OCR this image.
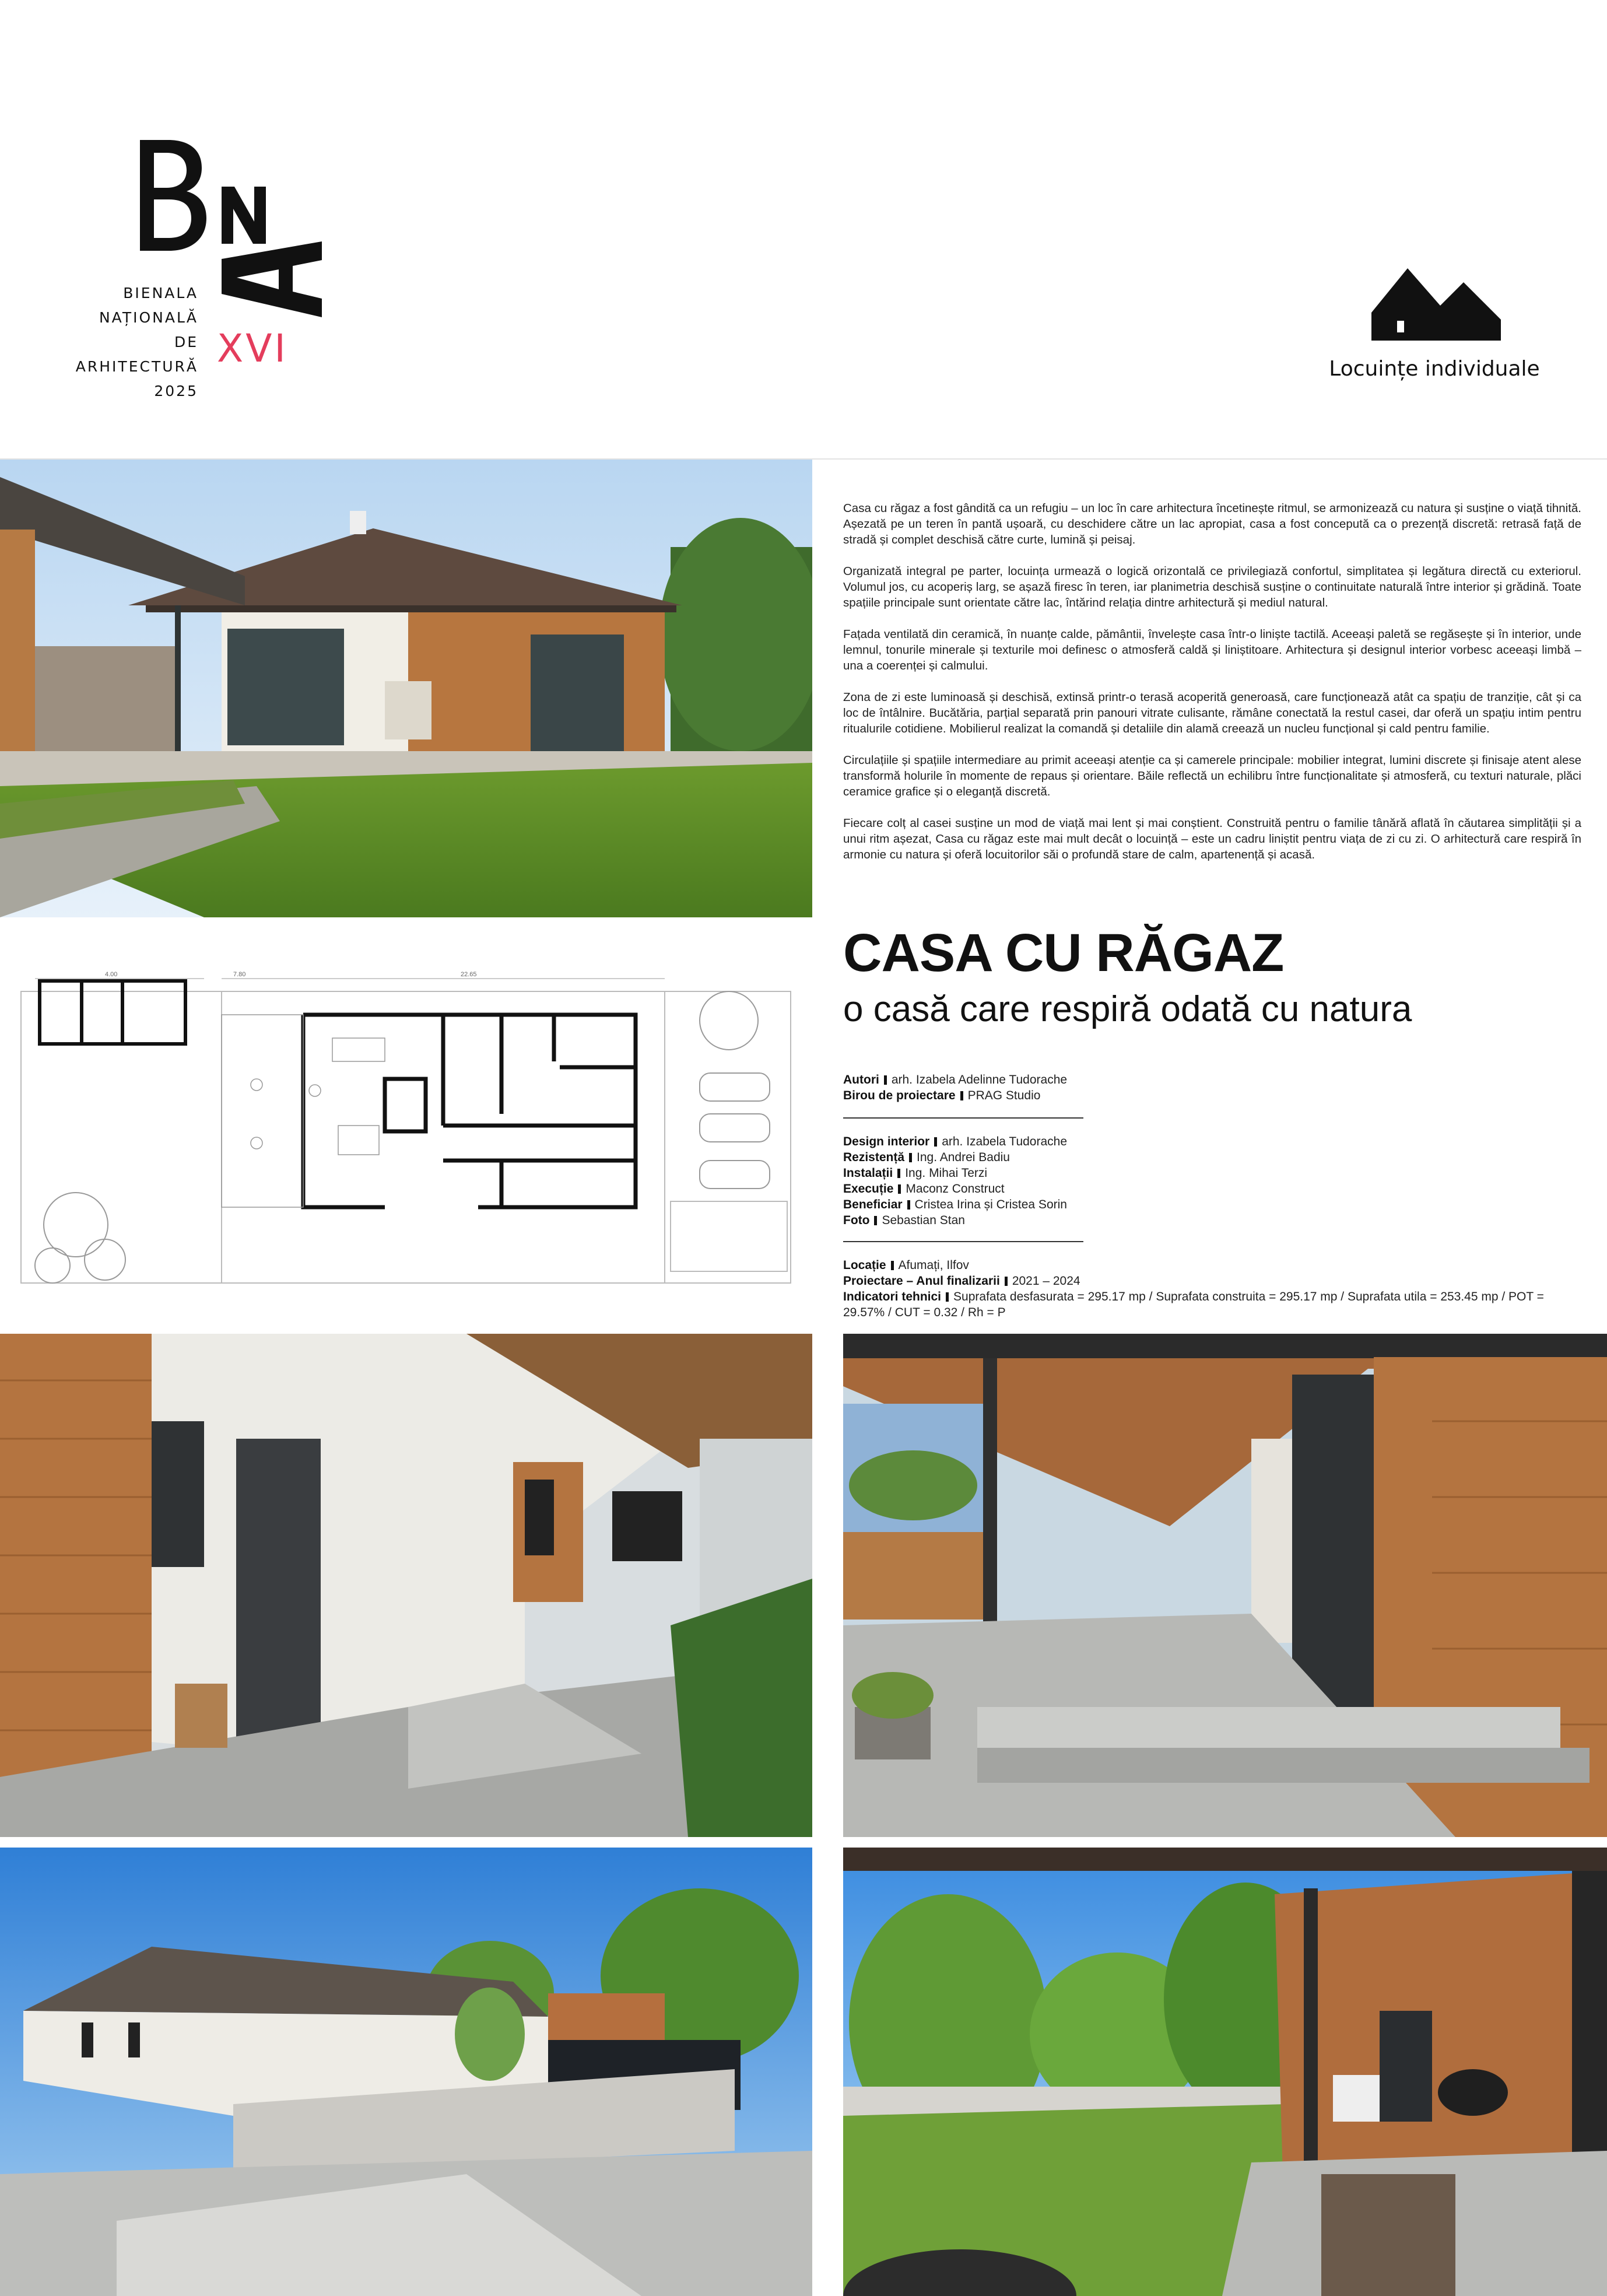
BIENALA
NAȚIONALĂ
DE
ARHITECTURĂ
2025
XVI	Locuințe individuale

Casa cu răgaz a fost gândită ca un refugiu – un loc în care arhitectura încetinește ritmul, se armonizează cu natura și susține o viață tihnită. Așezată pe un teren în pantă ușoară, cu deschidere către un lac apropiat, casa a fost concepută ca o prezență discretă: retrasă față de stradă și complet deschisă către curte, lumină și peisaj.

Organizată integral pe parter, locuința urmează o logică orizontală ce privilegiază confortul, simplitatea și legătura directă cu exteriorul. Volumul jos, cu acoperiș larg, se așază firesc în teren, iar planimetria deschisă susține o continuitate naturală între interior și grădină. Toate spațiile principale sunt orientate către lac, întărind relația dintre arhitectură și mediul natural.

Fațada ventilată din ceramică, în nuanțe calde, pământii, învelește casa într-o liniște tactilă. Aceeași paletă se regăsește și în interior, unde lemnul, tonurile minerale și texturile moi definesc o atmosferă caldă și liniștitoare. Arhitectura și designul interior vorbesc aceeași limbă – una a coerenței și calmului.

Zona de zi este luminoasă și deschisă, extinsă printr-o terasă acoperită generoasă, care funcționează atât ca spațiu de tranziție, cât și ca loc de întâlnire. Bucătăria, parțial separată prin panouri vitrate culisante, rămâne conectată la restul casei, dar oferă un spațiu intim pentru ritualurile cotidiene. Mobilierul realizat la comandă și detaliile din alamă creează un nucleu funcțional și cald pentru familie.

Circulațiile și spațiile intermediare au primit aceeași atenție ca și camerele principale: mobilier integrat, lumini discrete și finisaje atent alese transformă holurile în momente de repaus și orientare. Băile reflectă un echilibru între funcționalitate și atmosferă, cu texturi naturale, plăci ceramice grafice și o eleganță discretă.

Fiecare colț al casei susține un mod de viață mai lent și mai conștient. Construită pentru o familie tânără aflată în căutarea simplității și a unui ritm așezat, Casa cu răgaz este mai mult decât o locuință – este un cadru liniștit pentru viața de zi cu zi. O arhitectură care respiră în armonie cu natura și oferă locuitorilor săi o profundă stare de calm, apartenență și acasă.

4.00	7.80	22.65	CASA CU RĂGAZ
o casă care respiră odată cu natura
Autori arh. Izabela Adelinne Tudorache
Birou de proiectare PRAG Studio
Design interior arh. Izabela Tudorache
Rezistență Ing. Andrei Badiu
Instalații Ing. Mihai Terzi
Execuție Maconz Construct
Beneficiar Cristea Irina și Cristea Sorin
Foto Sebastian Stan
Locație Afumați, Ilfov
Proiectare – Anul finalizarii 2021 – 2024
Indicatori tehnici Suprafata desfasurata = 295.17 mp / Suprafata construita = 295.17 mp / Suprafata utila = 253.45 mp / POT = 29.57% / CUT = 0.32 / Rh = P
